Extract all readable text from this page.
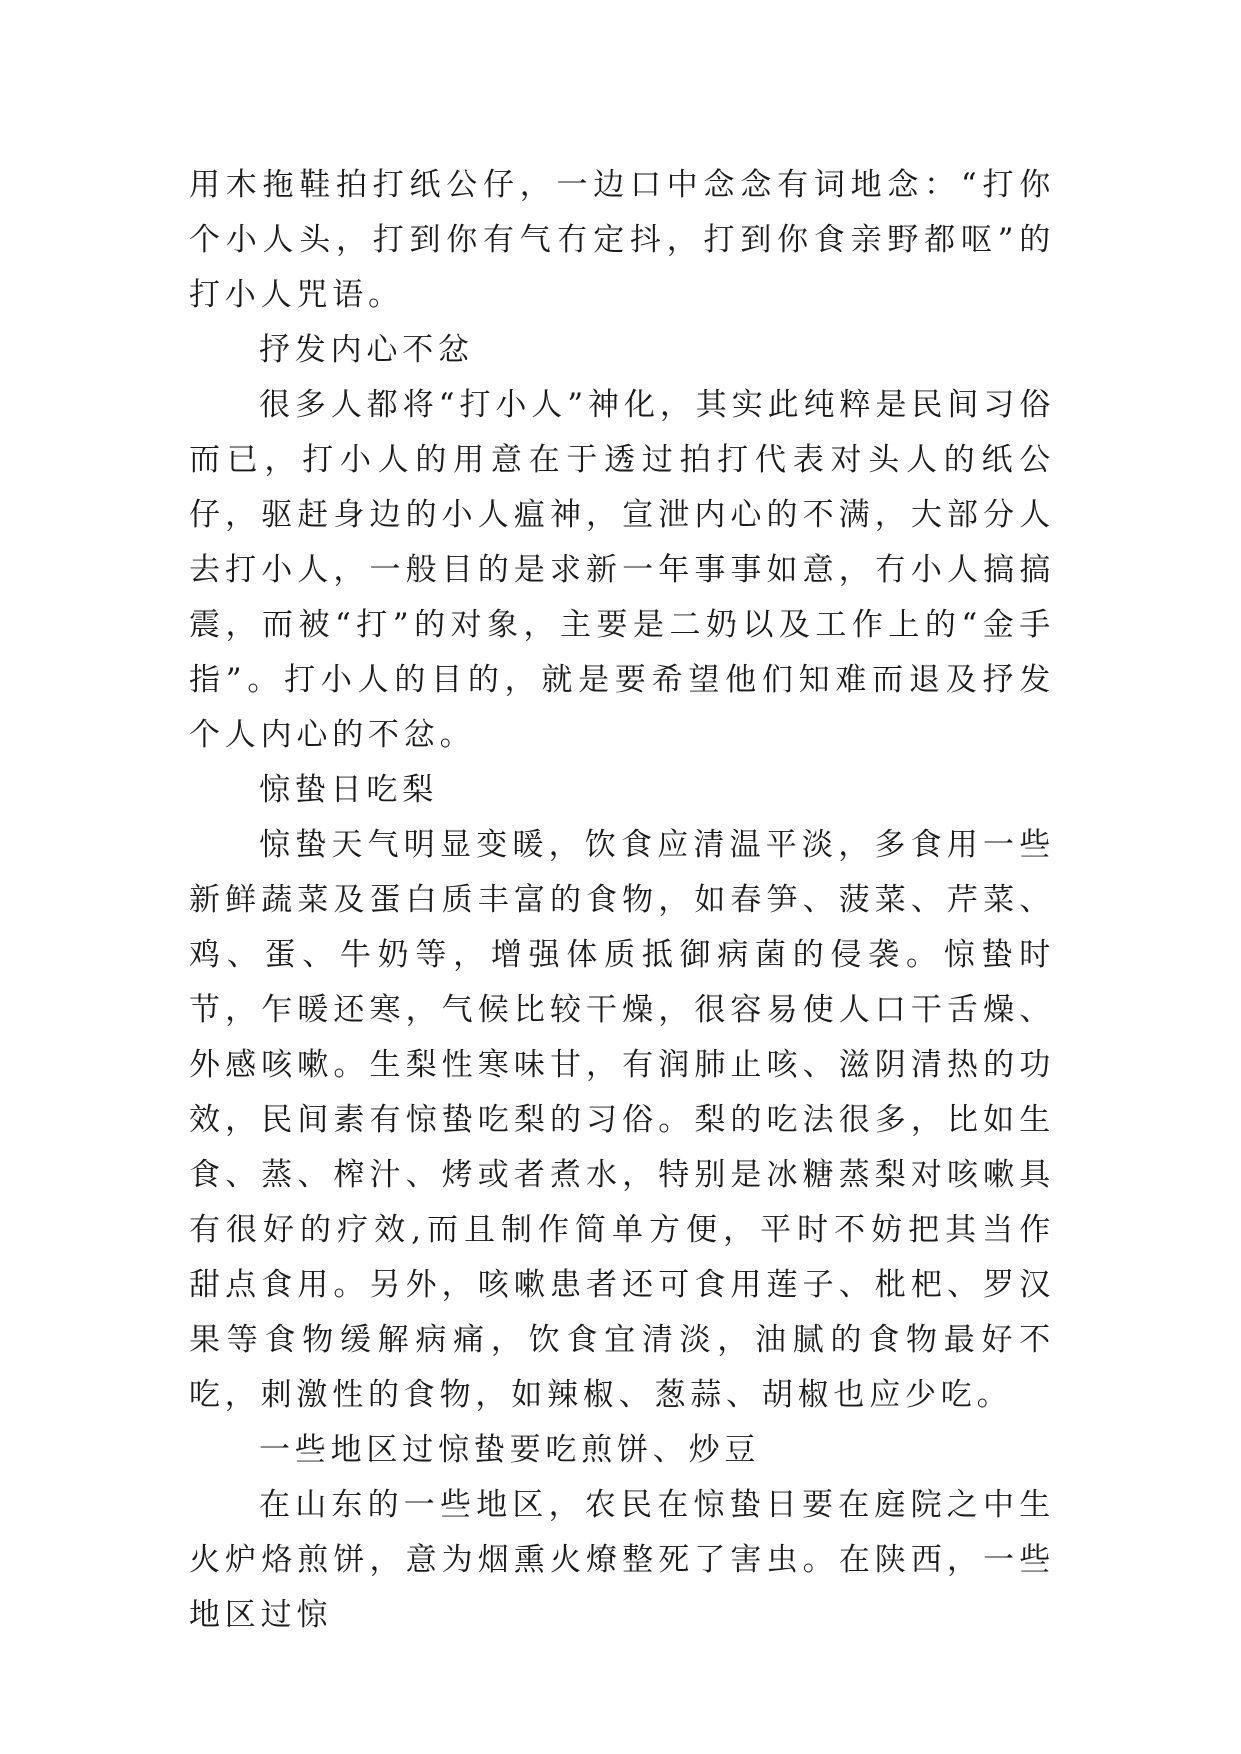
用木拖鞋拍打纸公仔，一边口中念念有词地念：“打你个小人头，打到你有气冇定抖，打到你食亲野都呕”的打小人咒语。

抒发内心不忿

很多人都将“打小人”神化，其实此纯粹是民间习俗而已，打小人的用意在于透过拍打代表对头人的纸公仔，驱赶身边的小人瘟神，宣泄内心的不满，大部分人去打小人，一般目的是求新一年事事如意，冇小人搞搞震，而被“打”的对象，主要是二奶以及工作上的“金手指”。打小人的目的，就是要希望他们知难而退及抒发个人内心的不忿。

惊蛰日吃梨

惊蛰天气明显变暖，饮食应清温平淡，多食用一些新鲜蔬菜及蛋白质丰富的食物，如春笋、菠菜、芹菜、鸡、蛋、牛奶等，增强体质抵御病菌的侵袭。惊蛰时节，乍暖还寒，气候比较干燥，很容易使人口干舌燥、外感咳嗽。生梨性寒味甘，有润肺止咳、滋阴清热的功效，民间素有惊蛰吃梨的习俗。梨的吃法很多，比如生食、蒸、榨汁、烤或者煮水，特别是冰糖蒸梨对咳嗽具有很好的疗效,而且制作简单方便，平时不妨把其当作甜点食用。另外，咳嗽患者还可食用莲子、枇杷、罗汉果等食物缓解病痛，饮食宜清淡，油腻的食物最好不吃，刺激性的食物，如辣椒、葱蒜、胡椒也应少吃。

一些地区过惊蛰要吃煎饼、炒豆

在山东的一些地区，农民在惊蛰日要在庭院之中生火炉烙煎饼，意为烟熏火燎整死了害虫。在陕西，一些地区过惊
